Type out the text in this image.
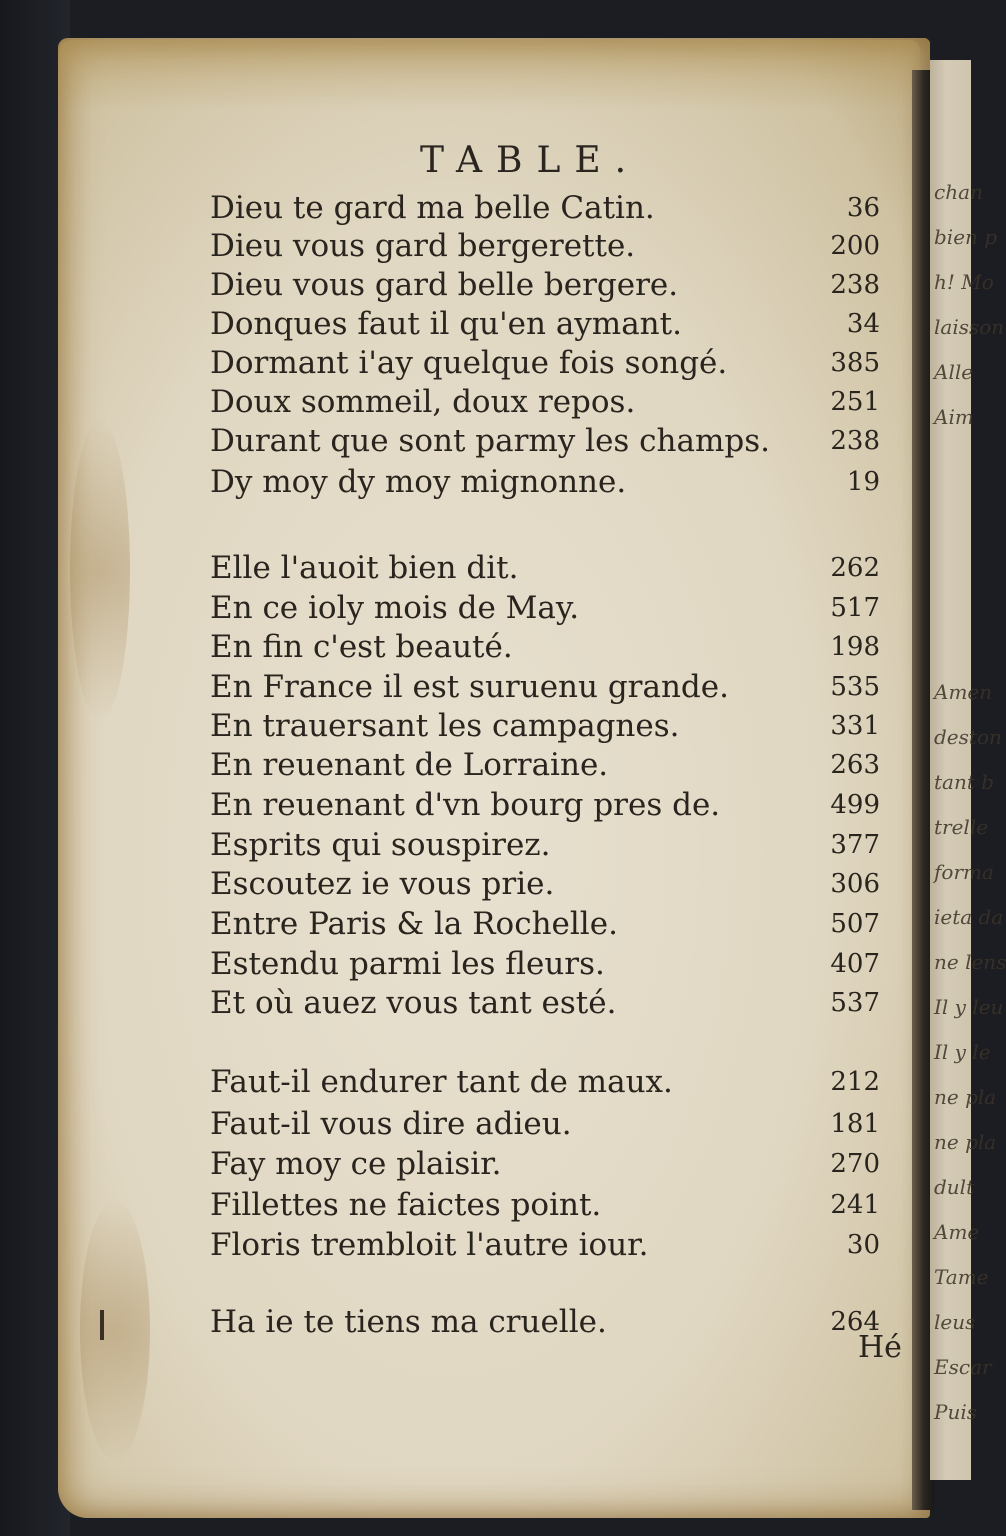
chan
bien p
h! Mo
laisson
Alle
Aim
Amen
deston
tant b
trelle
forma
ieta da
ne lens
Il y leu
Il y le
ne pla
ne pla
dult
Ame
Tame
leus
Escar
Puis
TABLE.
Dieu te gard ma belle Catin.	36
Dieu vous gard bergerette.	200
Dieu vous gard belle bergere.	238
Donques faut il qu'en aymant.	34
Dormant i'ay quelque fois songé.	385
Doux sommeil, doux repos.	251
Durant que sont parmy les champs. 238
Dy moy dy moy mignonne.	19
Elle l'auoit bien dit.	262
En ce ioly mois de May.	517
En fin c'est beauté.	198
En France il est suruenu grande.	535
En trauersant les campagnes.	331
En reuenant de Lorraine.	263
En reuenant d'vn bourg pres de.	499
Esprits qui souspirez.	377
Escoutez ie vous prie.	306
Entre Paris & la Rochelle.	507
Estendu parmi les fleurs.	407
Et où auez vous tant esté.	537
Faut-il endurer tant de maux.	212
Faut-il vous dire adieu.	181
Fay moy ce plaisir.	270
Fillettes ne faictes point.	241
Floris trembloit l'autre iour.	30
Ha ie te tiens ma cruelle.	264
Hé
